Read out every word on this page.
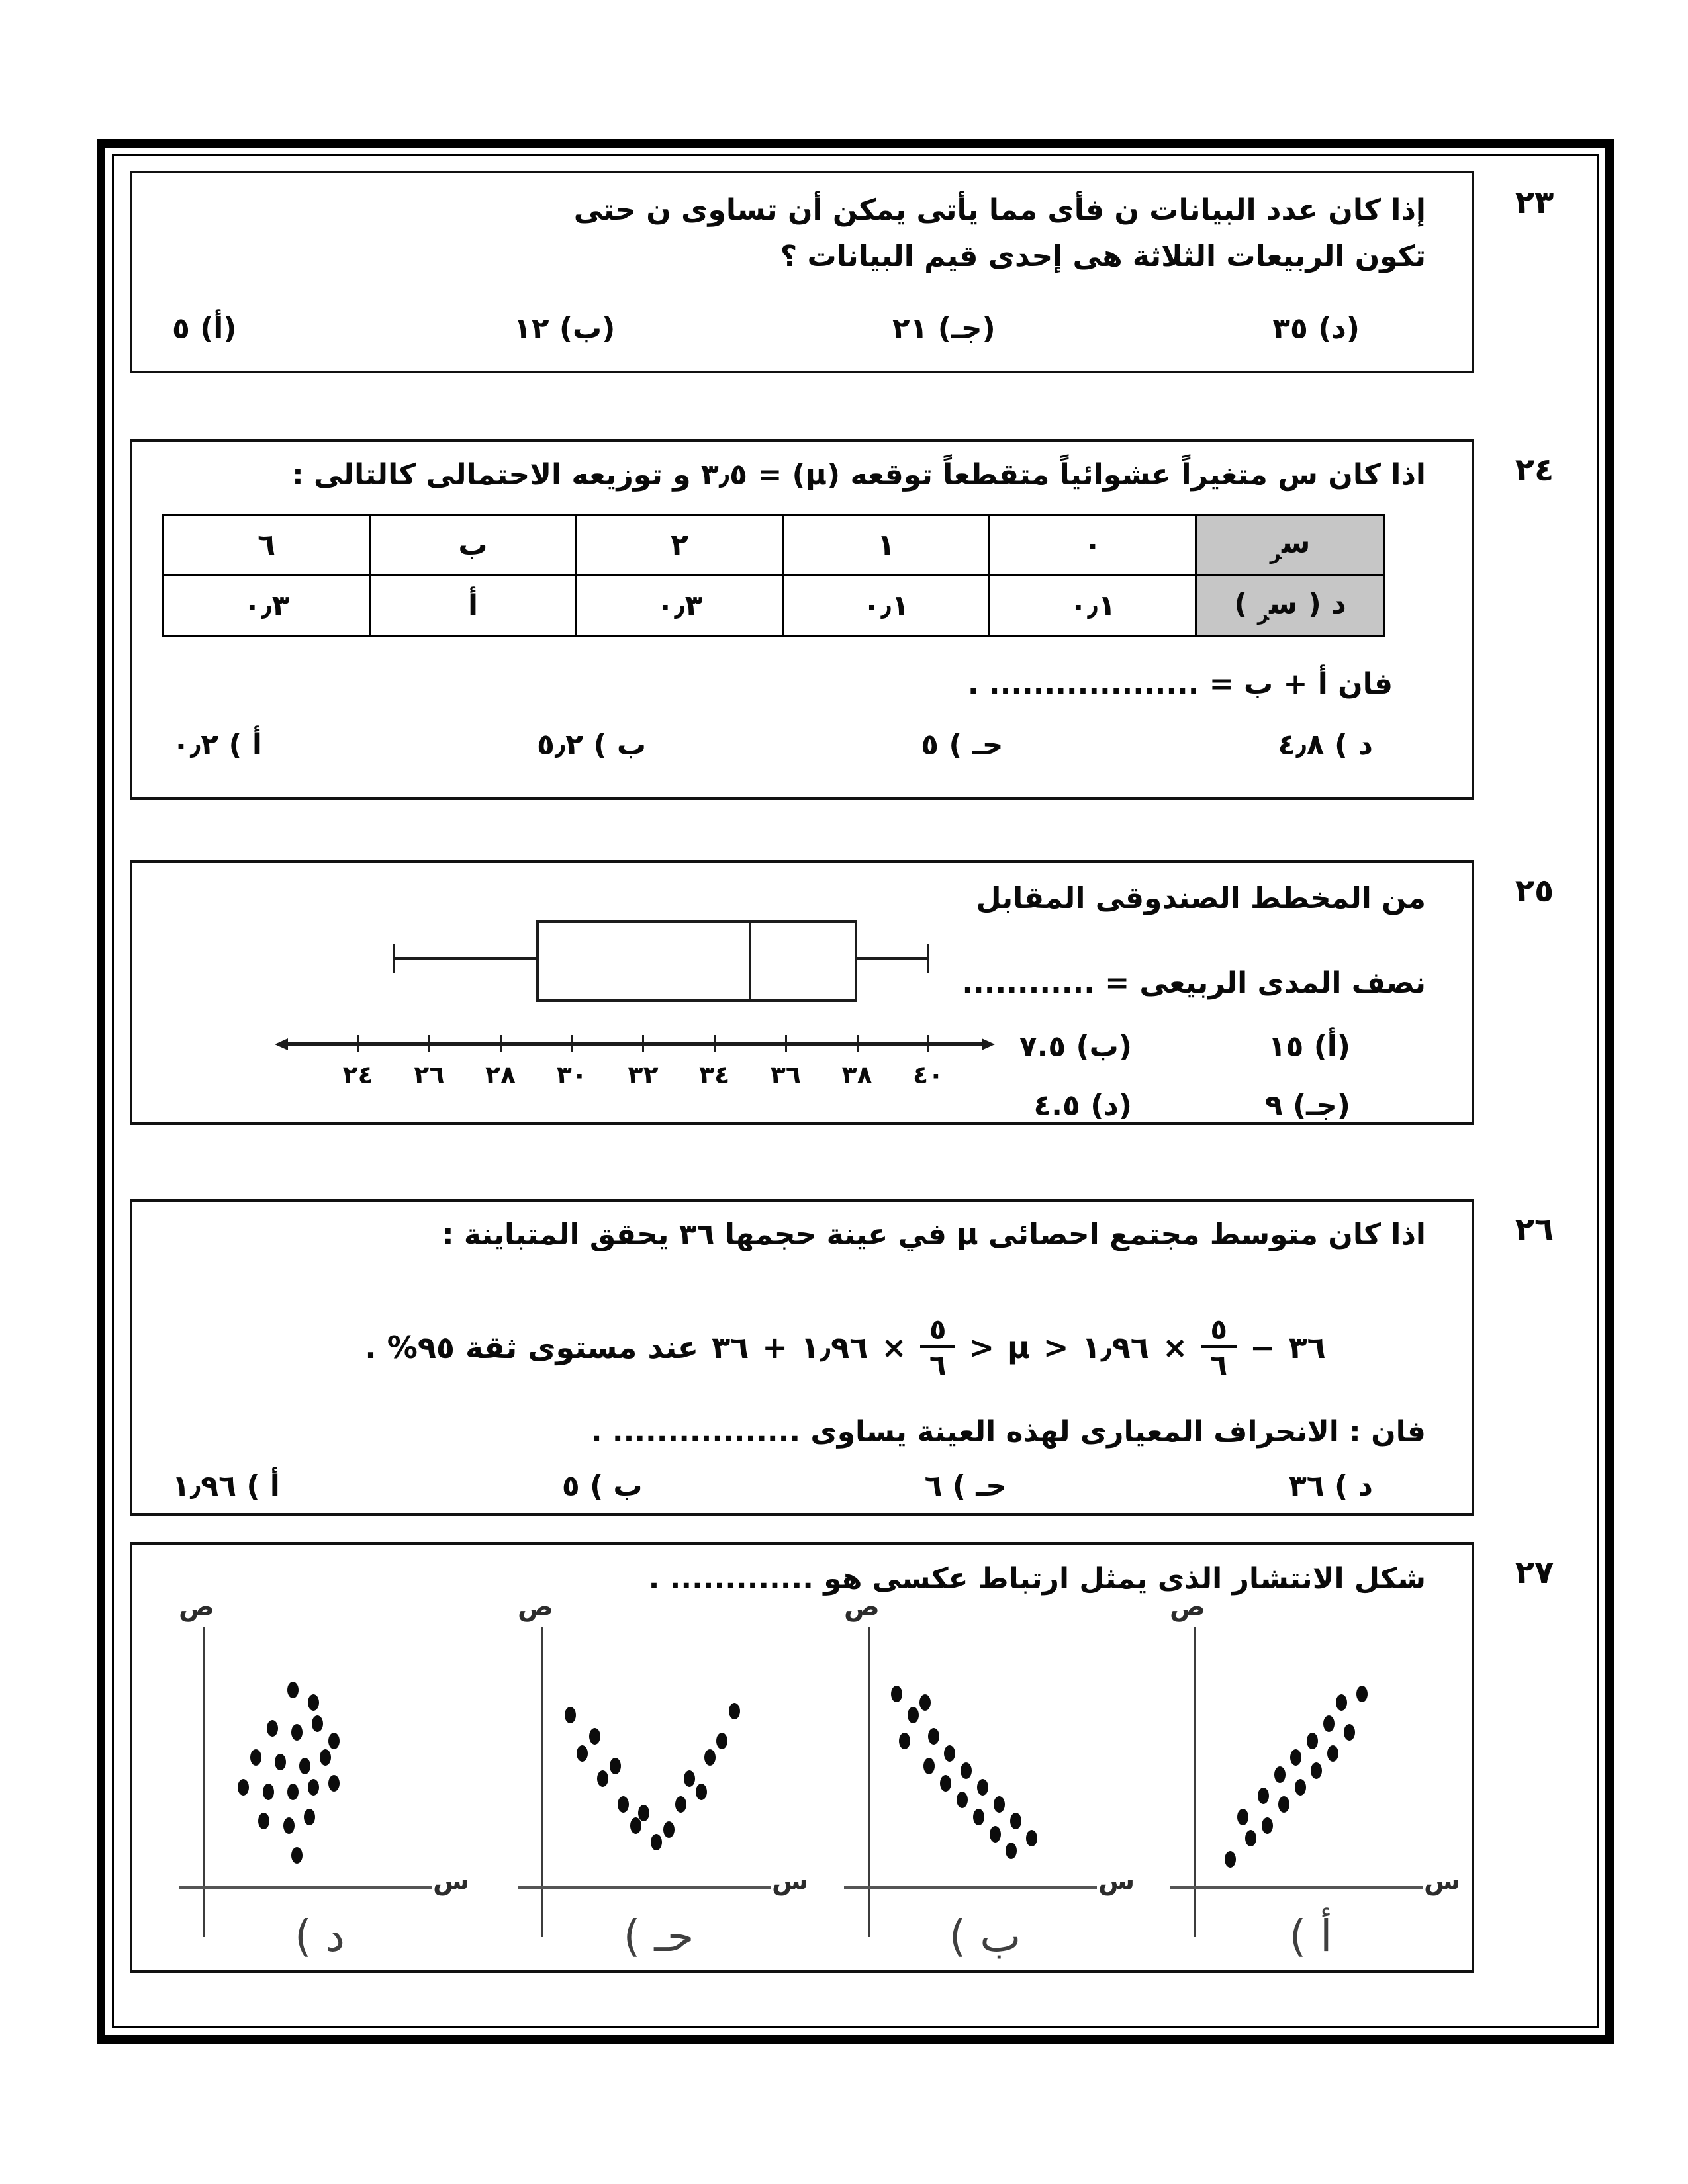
٢٣
إذا كان عدد البيانات ن فأى مما يأتى يمكن أن تساوى ن حتى
تكون الربيعات الثلاثة هى إحدى قيم البيانات ؟
(أ) ٥	(ب) ١٢	(جـ) ٢١	(د) ٣٥
٢٤
اذا كان س متغيراً عشوائياً متقطعاً توقعه (μ) = ٣٫٥ و توزيعه الاحتمالى كالتالى :
س$_ر$	٠	١	٢	ب	٦
د ( س$_ر$ )	٠٫١	٠٫١	٠٫٣	أ	٠٫٣
فان أ + ب = ................... .
أ ) ٠٫٢	ب ) ٥٫٢	حـ ) ٥	د ) ٤٫٨
٢٥
من المخطط الصندوقى المقابل
نصف المدى الربيعى = ............
(أ) ١٥
(ب) ٧.٥
(جـ) ٩
(د) ٤.٥
٢٤	٢٦	٢٨	٣٠	٣٢	٣٤	٣٦	٣٨	٤٠
٢٦
اذا كان متوسط مجتمع احصائى μ في عينة حجمها ٣٦ يحقق المتباينة :
عند مستوى ثقة ٩٥% . ٣٦ + ١٫٩٦ × $\frac{٥}{٦} > \mu$ > ١٫٩٦ × $\frac{٥}{٦}$ − ٣٦
فان : الانحراف المعيارى لهذه العينة يساوى ................. .
أ ) ١٫٩٦	ب ) ٥	حـ ) ٦	د ) ٣٦
٢٧
شكل الانتشار الذى يمثل ارتباط عكسى هو ............. .
ص
س
أ )
ص
س
ب )
ص
س
حـ )
ص
س
د )
